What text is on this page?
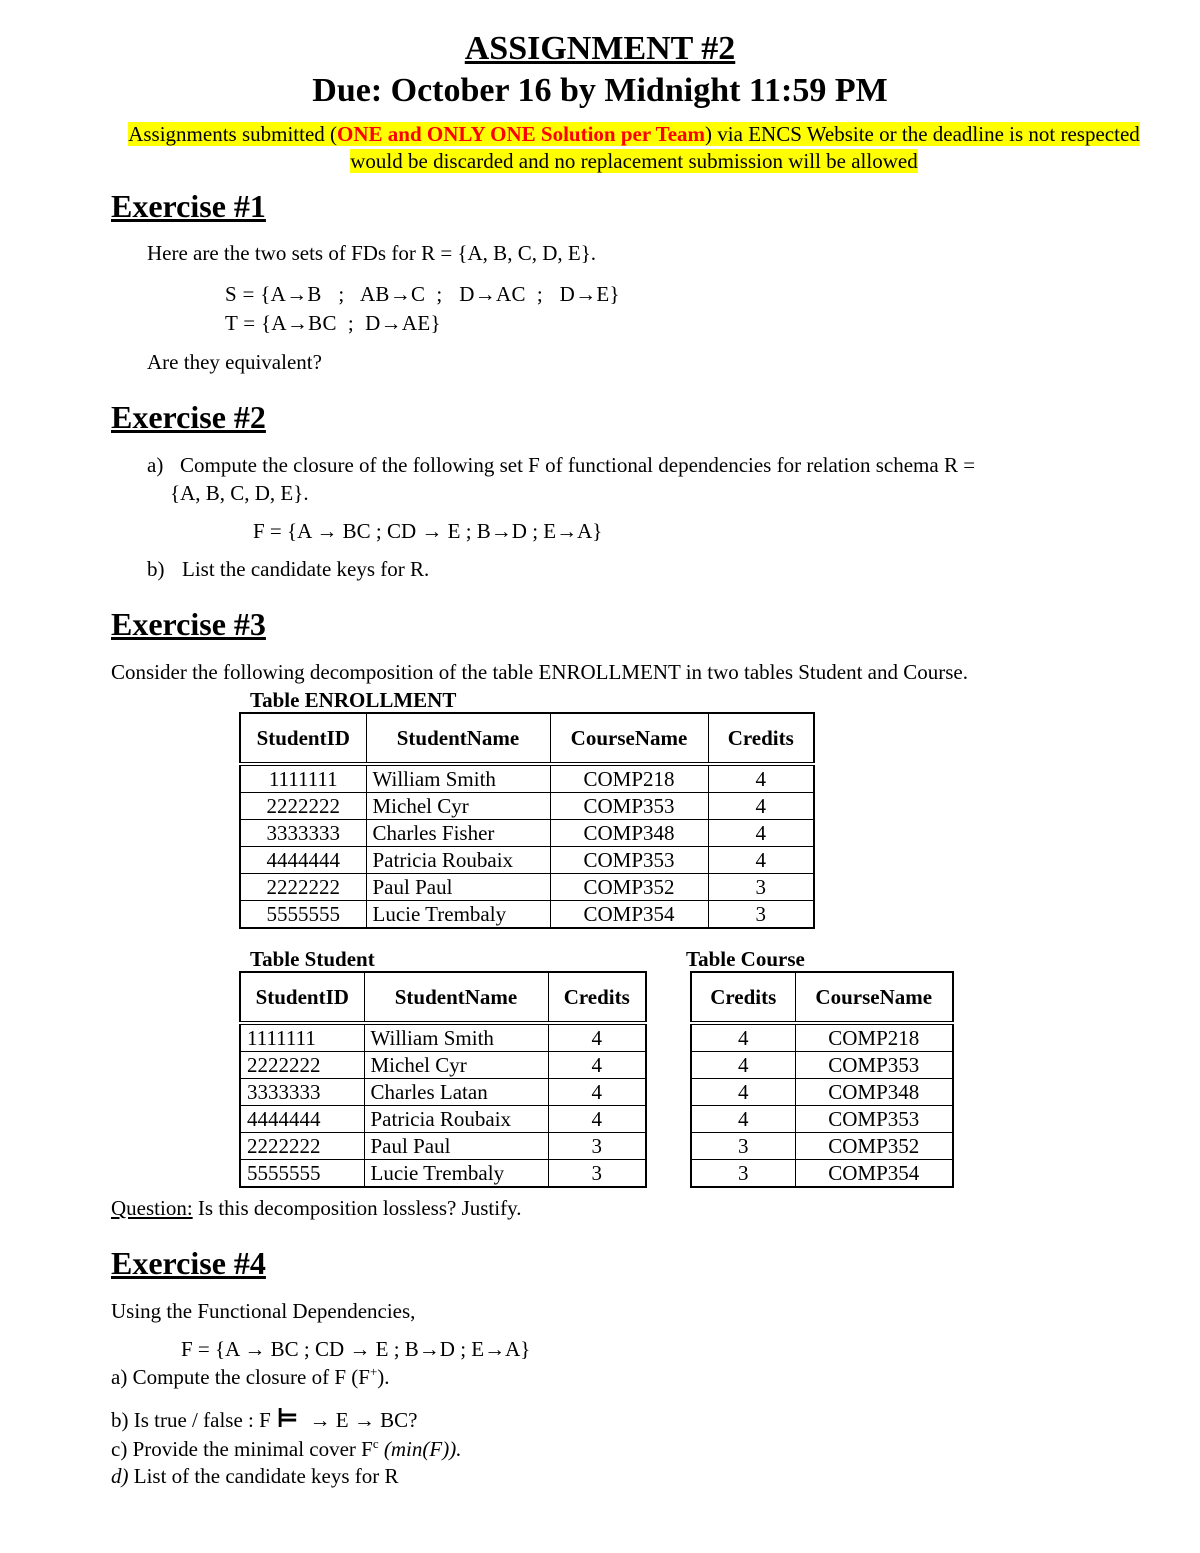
ASSIGNMENT #2
Due: October 16 by Midnight 11:59 PM
Assignments submitted (ONE and ONLY ONE Solution per Team) via ENCS Website or the deadline is not respected would be discarded and no replacement submission will be allowed
Exercise #1
Here are the two sets of FDs for R = {A, B, C, D, E}.
S = {A→B   ;   AB→C  ;   D→AC  ;   D→E}
T = {A→BC  ;  D→AE}
Are they equivalent?
Exercise #2
a) Compute the closure of the following set F of functional dependencies for relation schema R =
{A, B, C, D, E}.
F = {A → BC ; CD → E ; B→D ; E→A}
b) List the candidate keys for R.
Exercise #3
Consider the following decomposition of the table ENROLLMENT in two tables Student and Course.
Table ENROLLMENT
StudentID	StudentName	CourseName	Credits
1111111	William Smith	COMP218	4
2222222	Michel Cyr	COMP353	4
3333333	Charles Fisher	COMP348	4
4444444	Patricia Roubaix	COMP353	4
2222222	Paul Paul	COMP352	3
5555555	Lucie Trembaly	COMP354	3
Table Student	Table Course
StudentID	StudentName	Credits
1111111	William Smith	4
2222222	Michel Cyr	4
3333333	Charles Latan	4
4444444	Patricia Roubaix	4
2222222	Paul Paul	3
5555555	Lucie Trembaly	3
Credits	CourseName
4	COMP218
4	COMP353
4	COMP348
4	COMP353
3	COMP352
3	COMP354
Question: Is this decomposition lossless? Justify.
Exercise #4
Using the Functional Dependencies,
F = {A → BC ; CD → E ; B→D ; E→A}
a) Compute the closure of F (F+).
b) Is true / false : F ⊨  → E → BC?
c) Provide the minimal cover $F^c$ (min(F)).
d) List of the candidate keys for R
